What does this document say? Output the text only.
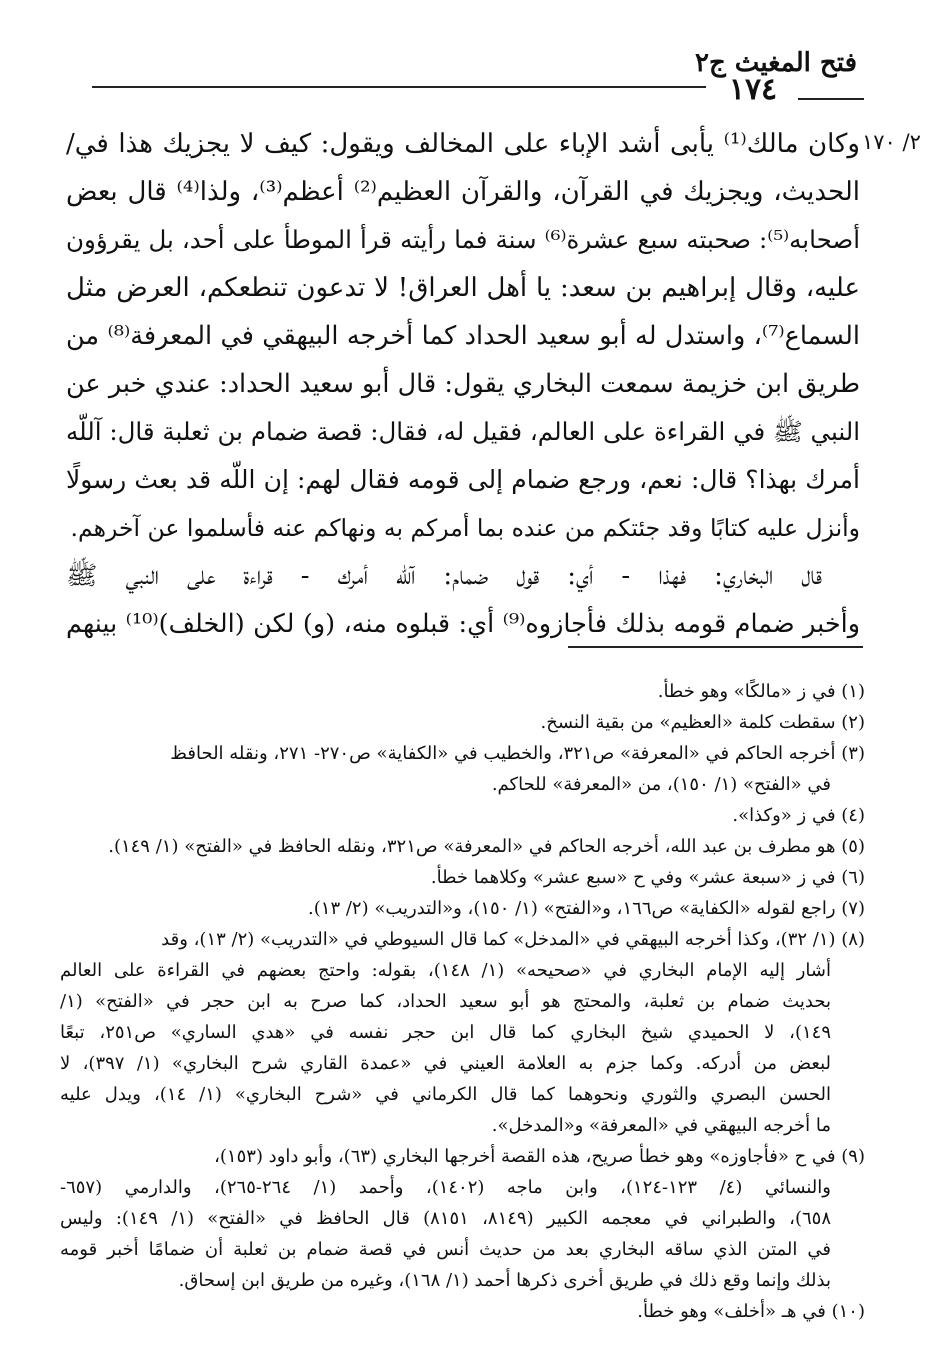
فتح المغيث ج٢
١٧٤
٢/ ١٧٠
وكان مالك⁽¹⁾ يأبى أشد الإباء على المخالف ويقول: كيف لا يجزيك هذا في/
الحديث، ويجزيك في القرآن، والقرآن العظيم⁽²⁾ أعظم⁽³⁾، ولذا⁽⁴⁾ قال بعض
أصحابه⁽⁵⁾: صحبته سبع عشرة⁽⁶⁾ سنة فما رأيته قرأ الموطأ على أحد، بل يقرؤون
عليه، وقال إبراهيم بن سعد: يا أهل العراق! لا تدعون تنطعكم، العرض مثل
السماع⁽⁷⁾، واستدل له أبو سعيد الحداد كما أخرجه البيهقي في المعرفة⁽⁸⁾ من
طريق ابن خزيمة سمعت البخاري يقول: قال أبو سعيد الحداد: عندي خبر عن
النبي ﷺ في القراءة على العالم، فقيل له، فقال: قصة ضمام بن ثعلبة قال: آللّه
أمرك بهذا؟ قال: نعم، ورجع ضمام إلى قومه فقال لهم: إن اللّه قد بعث رسولًا
وأنزل عليه كتابًا وقد جئتكم من عنده بما أمركم به ونهاكم عنه فأسلموا عن آخرهم.
قال البخاري: فهذا - أي: قول ضمام: آللّه أمرك - قراءة على النبي ﷺ
وأخبر ضمام قومه بذلك فأجازوه⁽⁹⁾ أي: قبلوه منه، (و) لكن (الخلف)⁽¹⁰⁾ بينهم
(١) في ز «مالكًا» وهو خطأ.
(٢) سقطت كلمة «العظيم» من بقية النسخ.
(٣) أخرجه الحاكم في «المعرفة» ص٣٢١، والخطيب في «الكفاية» ص٢٧٠- ٢٧١، ونقله الحافظ
في «الفتح» (١/ ١٥٠)، من «المعرفة» للحاكم.
(٤) في ز «وكذا».
(٥) هو مطرف بن عبد الله، أخرجه الحاكم في «المعرفة» ص٣٢١، ونقله الحافظ في «الفتح» (١/ ١٤٩).
(٦) في ز «سبعة عشر» وفي ح «سبع عشر» وكلاهما خطأ.
(٧) راجع لقوله «الكفاية» ص١٦٦، و«الفتح» (١/ ١٥٠)، و«التدريب» (٢/ ١٣).
(٨) (١/ ٣٢)، وكذا أخرجه البيهقي في «المدخل» كما قال السيوطي في «التدريب» (٢/ ١٣)، وقد
أشار إليه الإمام البخاري في «صحيحه» (١/ ١٤٨)، بقوله: واحتج بعضهم في القراءة على العالم
بحديث ضمام بن ثعلبة، والمحتج هو أبو سعيد الحداد، كما صرح به ابن حجر في «الفتح» (١/
١٤٩)، لا الحميدي شيخ البخاري كما قال ابن حجر نفسه في «هدي الساري» ص٢٥١، تبعًا
لبعض من أدركه. وكما جزم به العلامة العيني في «عمدة القاري شرح البخاري» (١/ ٣٩٧)، لا
الحسن البصري والثوري ونحوهما كما قال الكرماني في «شرح البخاري» (١/ ١٤)، ويدل عليه
ما أخرجه البيهقي في «المعرفة» و«المدخل».
(٩) في ح «فأجاوزه» وهو خطأ صريح، هذه القصة أخرجها البخاري (٦٣)، وأبو داود (١٥٣)،
والنسائي (٤/ ١٢٣-١٢٤)، وابن ماجه (١٤٠٢)، وأحمد (١/ ٢٦٤-٢٦٥)، والدارمي (٦٥٧-
٦٥٨)، والطبراني في معجمه الكبير (٨١٤٩، ٨١٥١) قال الحافظ في «الفتح» (١/ ١٤٩): وليس
في المتن الذي ساقه البخاري بعد من حديث أنس في قصة ضمام بن ثعلبة أن ضمامًا أخبر قومه
بذلك وإنما وقع ذلك في طريق أخرى ذكرها أحمد (١/ ١٦٨)، وغيره من طريق ابن إسحاق.
(١٠) في هـ «أخلف» وهو خطأ.
